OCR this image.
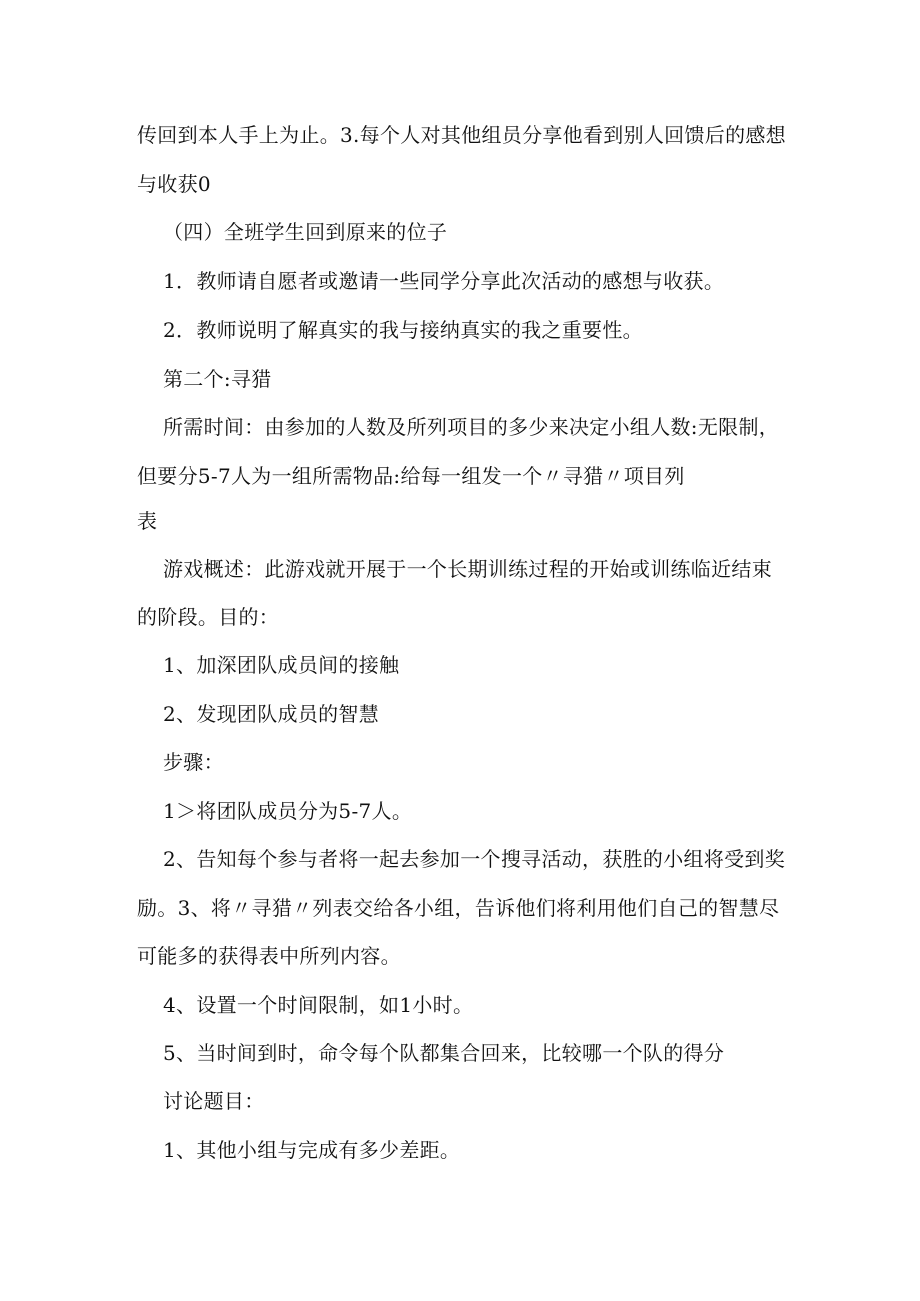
传回到本人手上为止。3.每个人对其他组员分享他看到别人回馈后的感想
与收获0
（四）全班学生回到原来的位子
1．教师请自愿者或邀请一些同学分享此次活动的感想与收获。
2．教师说明了解真实的我与接纳真实的我之重要性。
第二个:寻猎
所需时间：由参加的人数及所列项目的多少来决定小组人数:无限制，
但要分5-7人为一组所需物品:给每一组发一个〃寻猎〃项目列
表
游戏概述：此游戏就开展于一个长期训练过程的开始或训练临近结束
的阶段。目的：
1、加深团队成员间的接触
2、发现团队成员的智慧
步骤：
1＞将团队成员分为5-7人。
2、告知每个参与者将一起去参加一个搜寻活动，获胜的小组将受到奖
励。3、将〃寻猎〃列表交给各小组，告诉他们将利用他们自己的智慧尽
可能多的获得表中所列内容。
4、设置一个时间限制，如1小时。
5、当时间到时，命令每个队都集合回来，比较哪一个队的得分
讨论题目：
1、其他小组与完成有多少差距。
